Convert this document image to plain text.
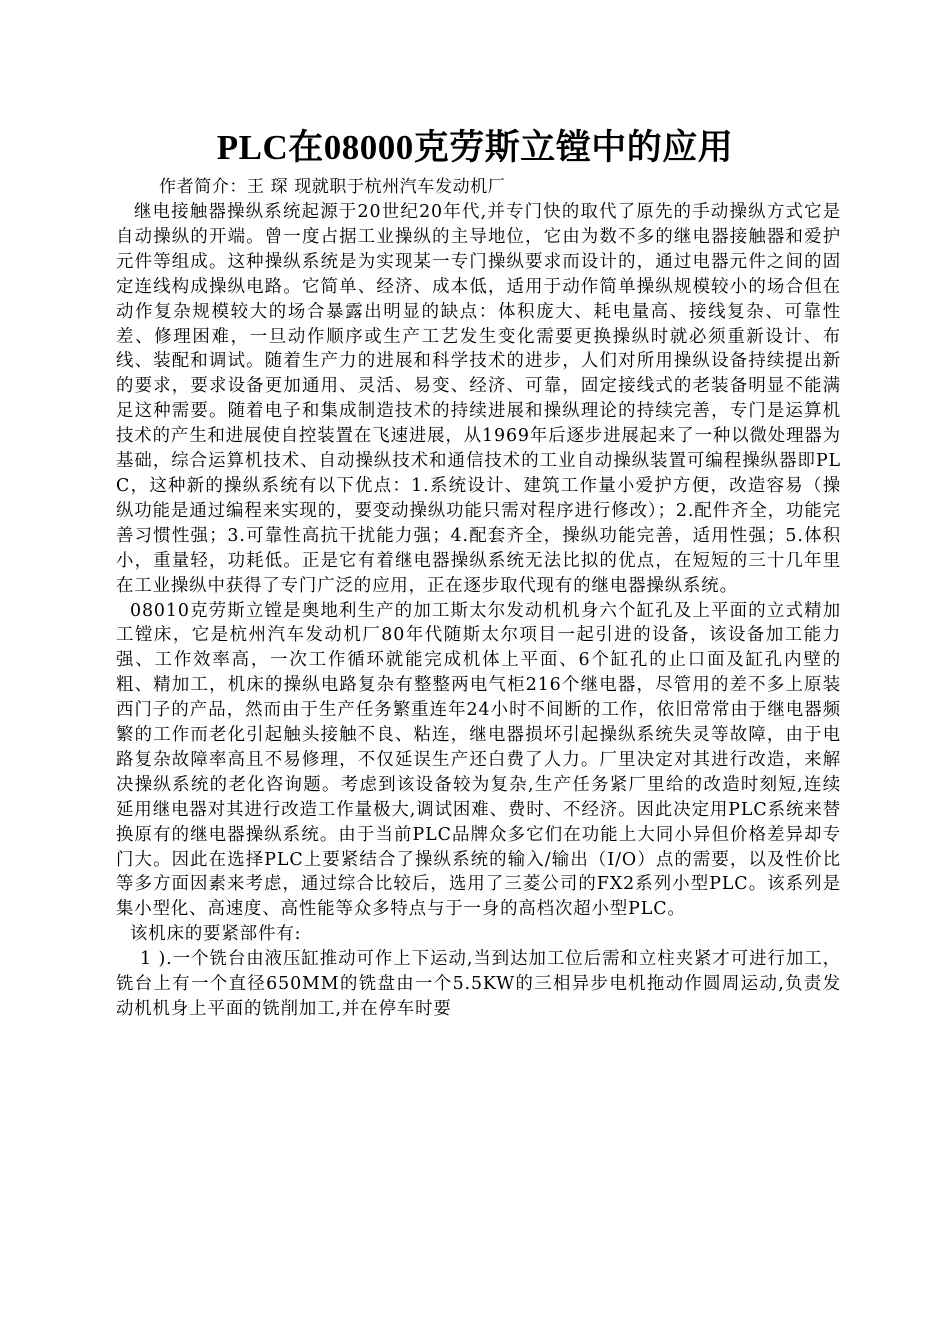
PLC在08000克劳斯立镗中的应用
作者简介：王 琛 现就职于杭州汽车发动机厂

继电接触器操纵系统起源于20世纪20年代,并专门快的取代了原先的手动操纵方式它是自动操纵的开端。曾一度占据工业操纵的主导地位，它由为数不多的继电器接触器和爱护元件等组成。这种操纵系统是为实现某一专门操纵要求而设计的，通过电器元件之间的固定连线构成操纵电路。它简单、经济、成本低，适用于动作简单操纵规模较小的场合但在动作复杂规模较大的场合暴露出明显的缺点：体积庞大、耗电量高、接线复杂、可靠性差、修理困难，一旦动作顺序或生产工艺发生变化需要更换操纵时就必须重新设计、布线、装配和调试。随着生产力的进展和科学技术的进步，人们对所用操纵设备持续提出新的要求，要求设备更加通用、灵活、易变、经济、可靠，固定接线式的老装备明显不能满足这种需要。随着电子和集成制造技术的持续进展和操纵理论的持续完善，专门是运算机技术的产生和进展使自控装置在飞速进展，从1969年后逐步进展起来了一种以微处理器为基础，综合运算机技术、自动操纵技术和通信技术的工业自动操纵装置可编程操纵器即PLC，这种新的操纵系统有以下优点：1.系统设计、建筑工作量小爱护方便，改造容易（操纵功能是通过编程来实现的，要变动操纵功能只需对程序进行修改）；2.配件齐全，功能完善习惯性强；3.可靠性高抗干扰能力强；4.配套齐全，操纵功能完善，适用性强；5.体积小，重量轻，功耗低。正是它有着继电器操纵系统无法比拟的优点，在短短的三十几年里在工业操纵中获得了专门广泛的应用，正在逐步取代现有的继电器操纵系统。

08010克劳斯立镗是奥地利生产的加工斯太尔发动机机身六个缸孔及上平面的立式精加工镗床，它是杭州汽车发动机厂80年代随斯太尔项目一起引进的设备，该设备加工能力强、工作效率高，一次工作循环就能完成机体上平面、6个缸孔的止口面及缸孔内壁的粗、精加工，机床的操纵电路复杂有整整两电气柜216个继电器，尽管用的差不多上原装西门子的产品，然而由于生产任务繁重连年24小时不间断的工作，依旧常常由于继电器频繁的工作而老化引起触头接触不良、粘连，继电器损坏引起操纵系统失灵等故障，由于电路复杂故障率高且不易修理，不仅延误生产还白费了人力。厂里决定对其进行改造，来解决操纵系统的老化咨询题。考虑到该设备较为复杂,生产任务紧厂里给的改造时刻短,连续延用继电器对其进行改造工作量极大,调试困难、费时、不经济。因此决定用PLC系统来替换原有的继电器操纵系统。由于当前PLC品牌众多它们在功能上大同小异但价格差异却专门大。因此在选择PLC上要紧结合了操纵系统的输入/输出（I/O）点的需要，以及性价比等多方面因素来考虑，通过综合比较后，选用了三菱公司的FX2系列小型PLC。该系列是集小型化、高速度、高性能等众多特点与于一身的高档次超小型PLC。

该机床的要紧部件有:

1 ).一个铣台由液压缸推动可作上下运动,当到达加工位后需和立柱夹紧才可进行加工，铣台上有一个直径650MM的铣盘由一个5.5KW的三相异步电机拖动作圆周运动,负责发动机机身上平面的铣削加工,并在停车时要
